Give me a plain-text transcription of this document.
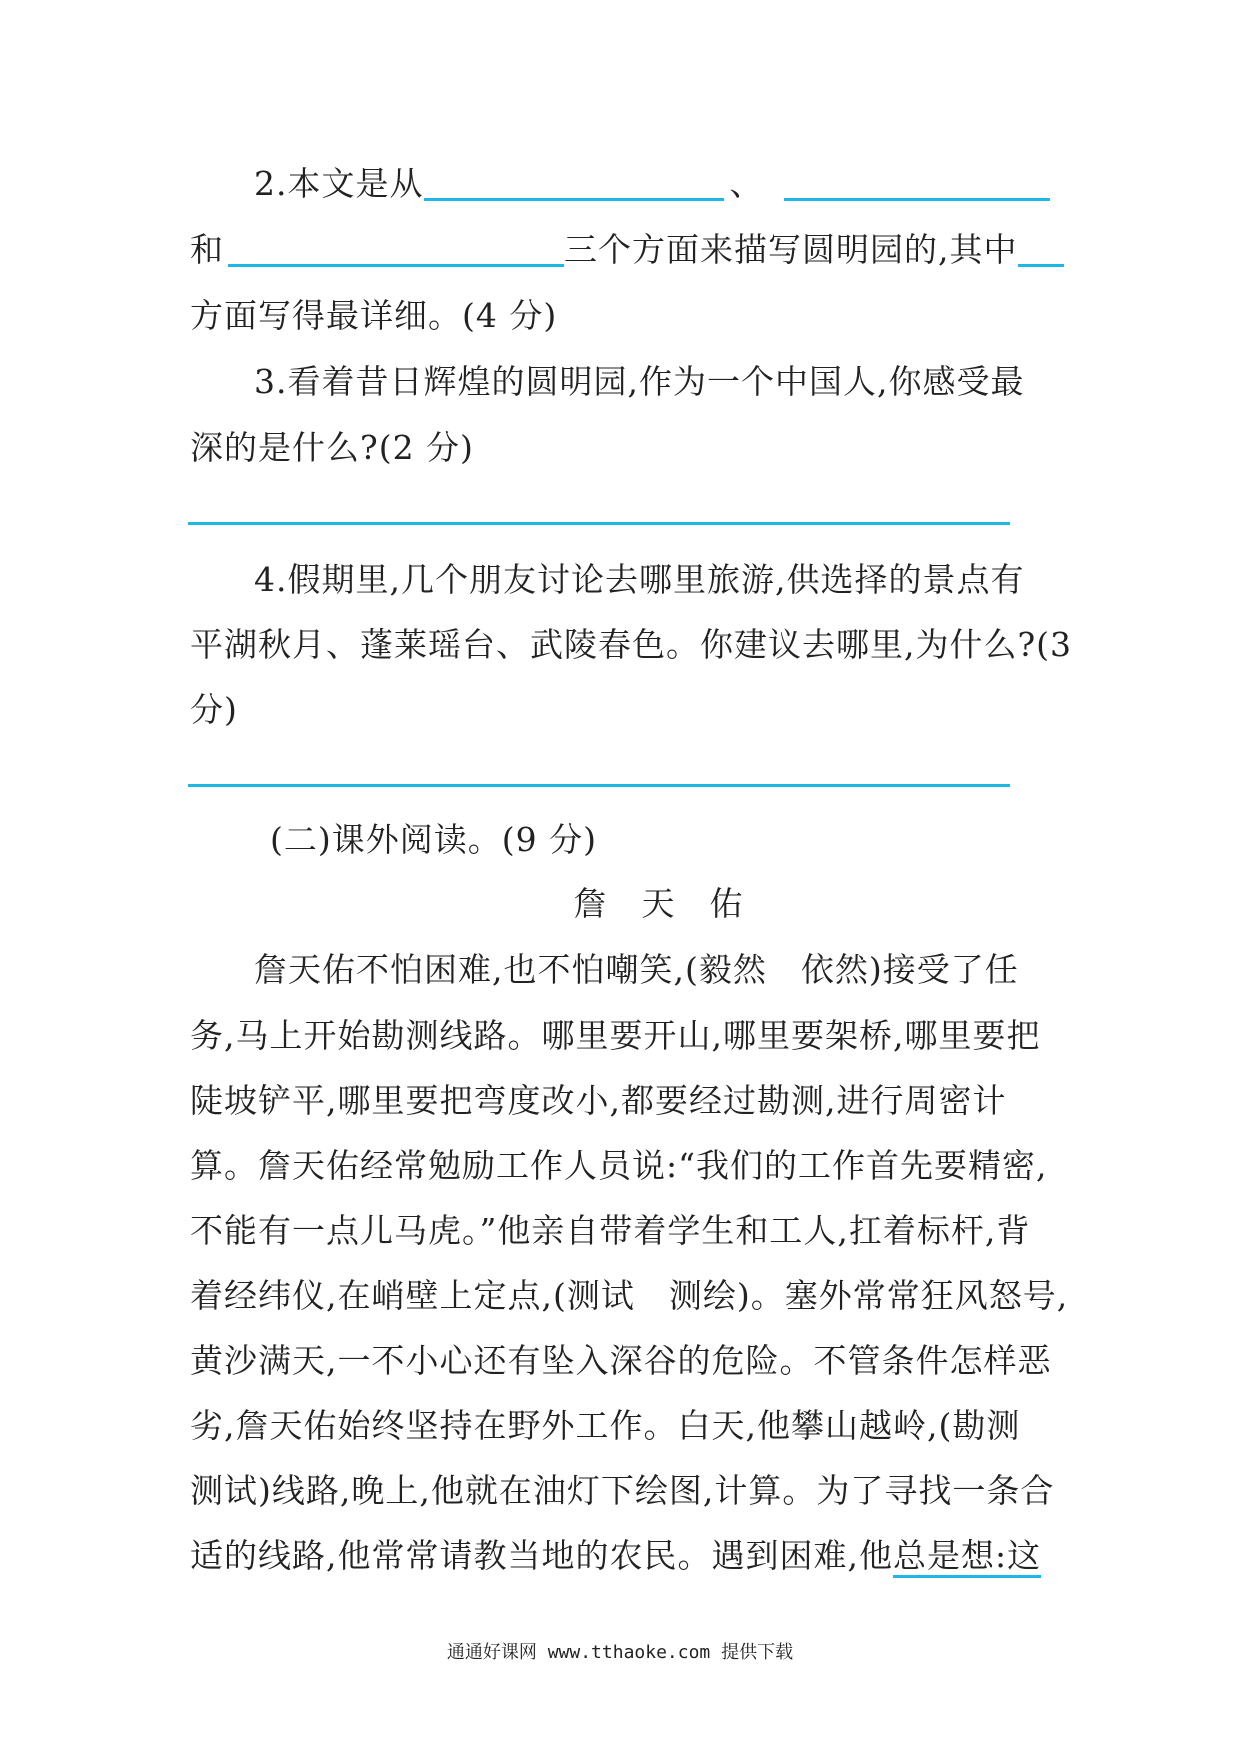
2.本文是从	、
和	三个方面来描写圆明园的,其中
方面写得最详细。(4 分)
3.看着昔日辉煌的圆明园,作为一个中国人,你感受最
深的是什么?(2 分)
4.假期里,几个朋友讨论去哪里旅游,供选择的景点有
平湖秋月、蓬莱瑶台、武陵春色。你建议去哪里,为什么?(3
分)
(二)课外阅读。(9 分)
詹 天 佑
詹天佑不怕困难,也不怕嘲笑,(毅然　依然)接受了任
务,马上开始勘测线路。哪里要开山,哪里要架桥,哪里要把
陡坡铲平,哪里要把弯度改小,都要经过勘测,进行周密计
算。詹天佑经常勉励工作人员说:“我们的工作首先要精密,
不能有一点儿马虎。”他亲自带着学生和工人,扛着标杆,背
着经纬仪,在峭壁上定点,(测试　测绘)。塞外常常狂风怒号,
黄沙满天,一不小心还有坠入深谷的危险。不管条件怎样恶
劣,詹天佑始终坚持在野外工作。白天,他攀山越岭,(勘测
测试)线路,晚上,他就在油灯下绘图,计算。为了寻找一条合
适的线路,他常常请教当地的农民。遇到困难,他总是想:这
通通好课网 www.tthaoke.com 提供下载
